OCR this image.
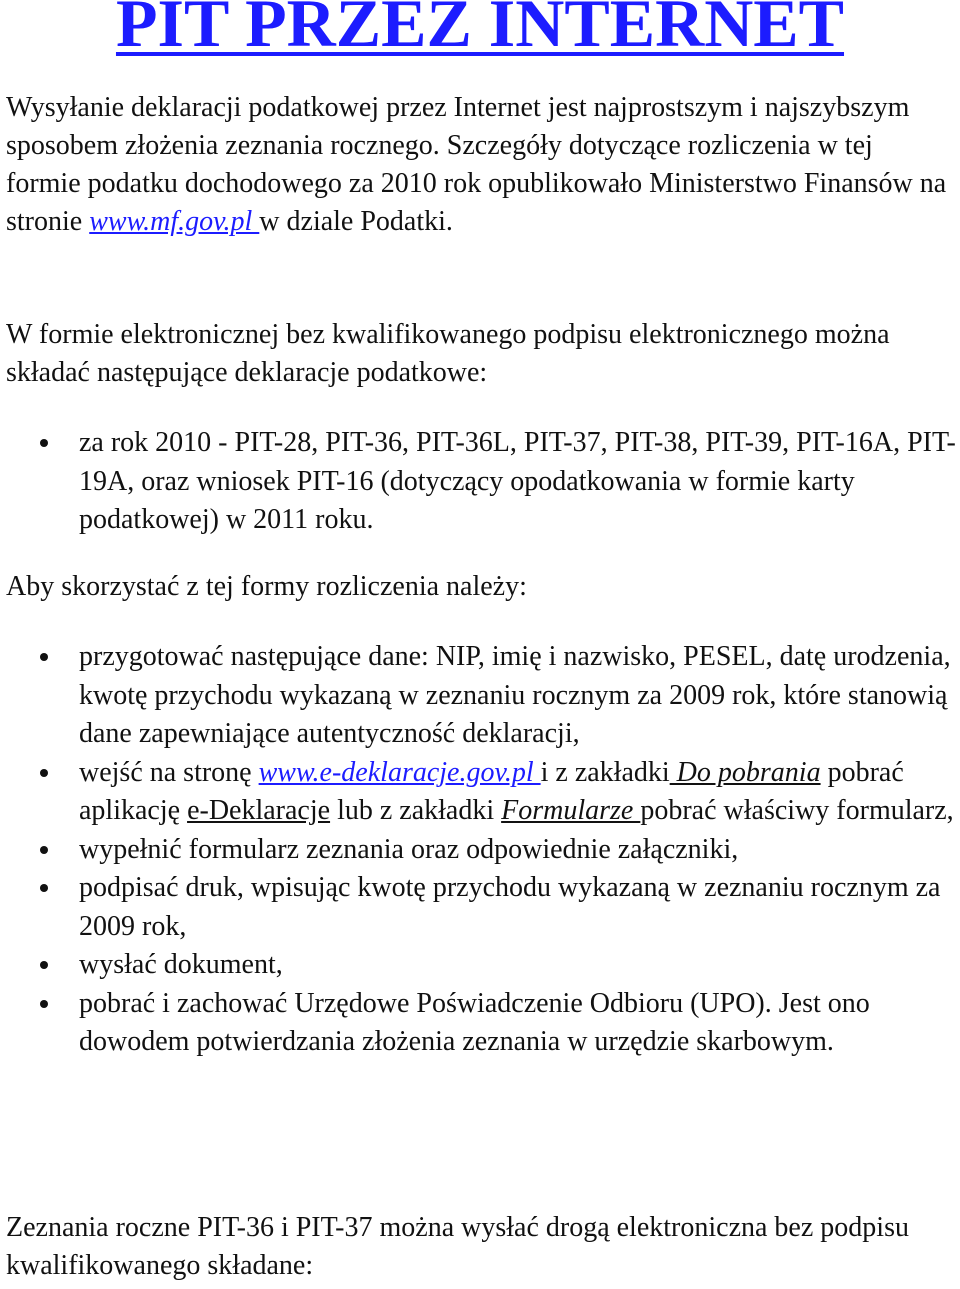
PIT PRZEZ INTERNET

Wysyłanie deklaracji podatkowej przez Internet jest najprostszym i najszybszym sposobem złożenia zeznania rocznego. Szczegóły dotyczące rozliczenia w tej formie podatku dochodowego za 2010 rok opublikowało Ministerstwo Finansów na stronie www.mf.gov.pl w dziale Podatki.

W formie elektronicznej bez kwalifikowanego podpisu elektronicznego można składać następujące deklaracje podatkowe:

za rok 2010 - PIT-28, PIT-36, PIT-36L, PIT-37, PIT-38, PIT-39, PIT-16A, PIT-19A, oraz wniosek PIT-16 (dotyczący opodatkowania w formie karty podatkowej) w 2011 roku.

Aby skorzystać z tej formy rozliczenia należy:

przygotować następujące dane: NIP, imię i nazwisko, PESEL, datę urodzenia, kwotę przychodu wykazaną w zeznaniu rocznym za 2009 rok, które stanowią dane zapewniające autentyczność deklaracji,
wejść na stronę www.e-deklaracje.gov.pl i z zakładki Do pobrania pobrać aplikację e-Deklaracje lub z zakładki Formularze pobrać właściwy formularz,
wypełnić formularz zeznania oraz odpowiednie załączniki,
podpisać druk, wpisując kwotę przychodu wykazaną w zeznaniu rocznym za 2009 rok,
wysłać dokument,
pobrać i zachować Urzędowe Poświadczenie Odbioru (UPO). Jest ono dowodem potwierdzania złożenia zeznania w urzędzie skarbowym.

Zeznania roczne PIT-36 i PIT-37 można wysłać drogą elektroniczna bez podpisu kwalifikowanego składane:
